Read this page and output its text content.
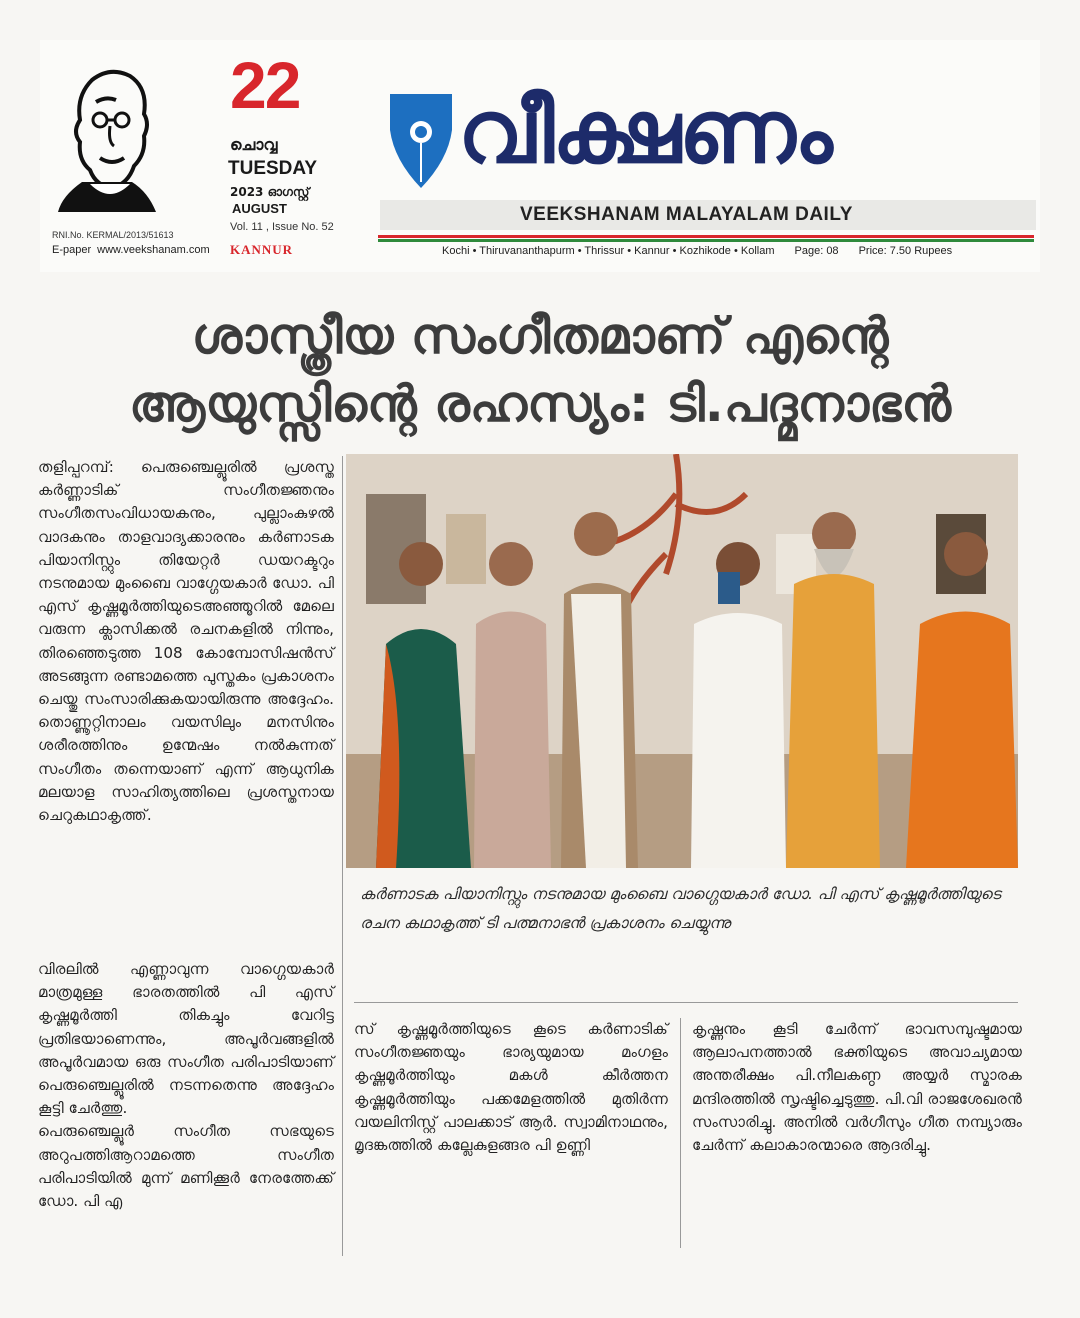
RNI.No. KERMAL/2013/51613
E-paper www.veekshanam.com
22
ചൊവ്വ
TUESDAY
2023 ഓഗസ്റ്റ്
AUGUST
Vol. 11 , Issue No. 52
KANNUR
വീക്ഷണം
VEEKSHANAM MALAYALAM DAILY
Kochi • Thiruvananthapurm • Thrissur • Kannur • Kozhikode • Kollam Page: 08 Price: 7.50 Rupees
ശാസ്ത്രീയ സംഗീതമാണ് എന്റെ
ആയുസ്സിന്റെ രഹസ്യം: ടി.പദ്മനാഭൻ

തളിപ്പറമ്പ്: പെരുഞ്ചെല്ലൂരിൽ പ്രശസ്ത കർണ്ണാടിക് സംഗീതജ്ഞനും സംഗീതസംവിധായകനും, പുല്ലാംകുഴൽ വാദകനും താളവാദ്യക്കാരനും കർണാടക പിയാനിസ്റ്റും തിയേറ്റർ ഡയറക്ടറും നടനുമായ മുംബൈ വാഗ്ഗേയകാർ ഡോ. പി എസ് കൃഷ്ണമൂർത്തിയുടെഅഞ്ഞൂറിൽ മേലെ വരുന്ന ക്ലാസിക്കൽ രചനകളിൽ നിന്നും, തിരഞ്ഞെടുത്ത 108 കോമ്പോസിഷൻസ് അടങ്ങുന്ന രണ്ടാമത്തെ പുസ്തകം പ്രകാശനം ചെയ്തു സംസാരിക്കുകയായിരുന്നു അദ്ദേഹം. തൊണ്ണൂറ്റിനാലം വയസിലും മനസിനും ശരീരത്തിനും ഉന്മേഷം നൽകുന്നത് സംഗീതം തന്നെയാണ് എന്ന് ആധുനിക മലയാള സാഹിത്യത്തിലെ പ്രശസ്തനായ ചെറുകഥാകൃത്ത്.

വിരലിൽ എണ്ണാവുന്ന വാഗ്ഗെയകാർ മാത്രമുള്ള ഭാരതത്തിൽ പി എസ് കൃഷ്ണമൂർത്തി തികച്ചും വേറിട്ട പ്രതിഭയാണെന്നും, അപൂർവങ്ങളിൽ അപൂർവമായ ഒരു സംഗീത പരിപാടിയാണ് പെരുഞ്ചെല്ലൂരിൽ നടന്നതെന്നു അദ്ദേഹം കൂട്ടി ചേർത്തു.

പെരുഞ്ചെല്ലൂർ സംഗീത സഭയുടെ അറുപത്തിആറാമത്തെ സംഗീത പരിപാടിയിൽ മുന്ന് മണിക്കൂർ നേരത്തേക്ക് ഡോ. പി എ

കർണാടക പിയാനിസ്റ്റും നടനുമായ മുംബൈ വാഗ്ഗെയകാർ ഡോ. പി എസ് കൃഷ്ണമൂർത്തിയുടെ രചന കഥാകൃത്ത് ടി പത്മനാഭൻ പ്രകാശനം ചെയ്യുന്നു

സ് കൃഷ്ണമൂർത്തിയുടെ കൂടെ കർണാടിക് സംഗീതജ്ഞയും ഭാര്യയുമായ മംഗളം കൃഷ്ണമൂർത്തിയും മകൾ കീർത്തന കൃഷ്ണമൂർത്തിയും പക്കമേളത്തിൽ മുതിർന്ന വയലിനിസ്റ്റ് പാലക്കാട് ആർ. സ്വാമിനാഥനും, മൃദങ്കത്തിൽ കല്ലേകുളങ്ങര പി ഉണ്ണി

കൃഷ്ണനും കൂടി ചേർന്ന് ഭാവസമ്പുഷ്ടമായ ആലാപനത്താൽ ഭക്തിയുടെ അവാച്യമായ അന്തരീക്ഷം പി.നീലകണ്ഠ അയ്യർ സ്മാരക മന്ദിരത്തിൽ സൃഷ്ടിച്ചെടുത്തു. പി.വി രാജശേഖരൻ സംസാരിച്ചു. അനിൽ വർഗീസും ഗീത നമ്പ്യാരും ചേർന്ന് കലാകാരന്മാരെ ആദരിച്ചു.
